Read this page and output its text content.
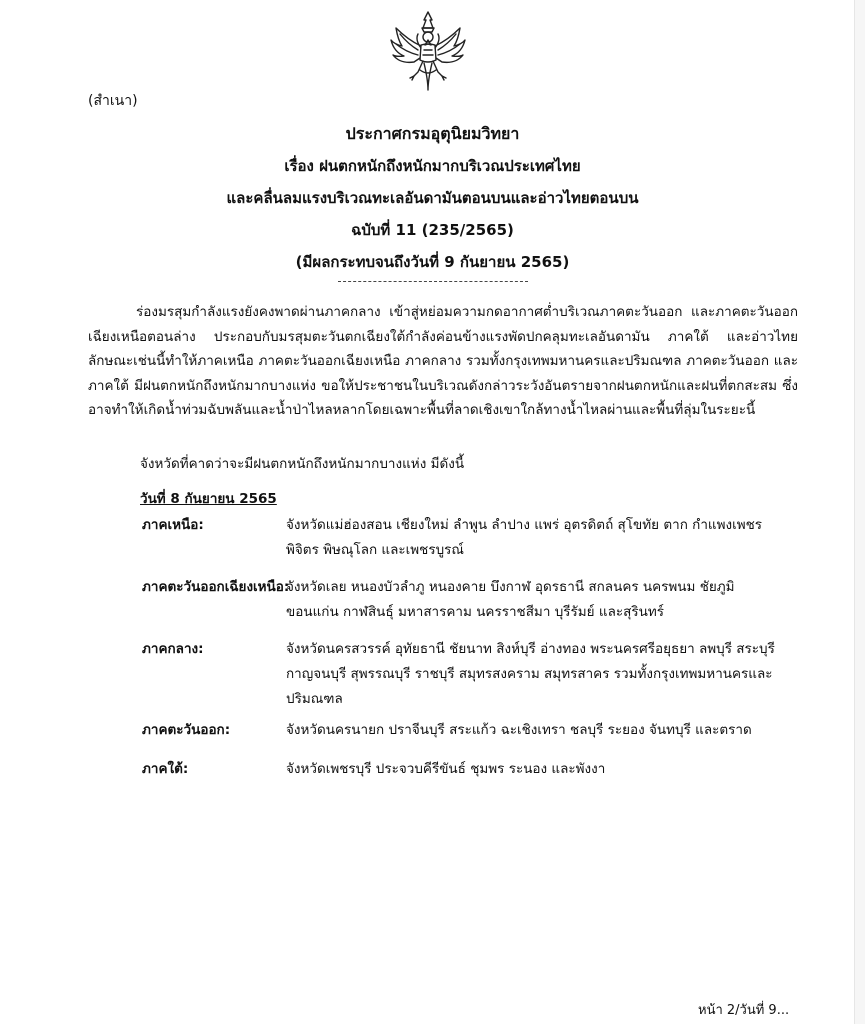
(สำเนา)
ประกาศกรมอุตุนิยมวิทยา
เรื่อง ฝนตกหนักถึงหนักมากบริเวณประเทศไทย
และคลื่นลมแรงบริเวณทะเลอันดามันตอนบนและอ่าวไทยตอนบน
ฉบับที่ 11 (235/2565)
(มีผลกระทบจนถึงวันที่ 9 กันยายน 2565)
ร่องมรสุมกำลังแรงยังคงพาดผ่านภาคกลาง เข้าสู่หย่อมความกดอากาศต่ำบริเวณภาคตะวันออก และภาคตะวันออกเฉียงเหนือตอนล่าง ประกอบกับมรสุมตะวันตกเฉียงใต้กำลังค่อนข้างแรงพัดปกคลุมทะเลอันดามัน ภาคใต้ และอ่าวไทย ลักษณะเช่นนี้ทำให้ภาคเหนือ ภาคตะวันออกเฉียงเหนือ ภาคกลาง รวมทั้งกรุงเทพมหานครและปริมณฑล ภาคตะวันออก และภาคใต้ มีฝนตกหนักถึงหนักมากบางแห่ง ขอให้ประชาชนในบริเวณดังกล่าวระวังอันตรายจากฝนตกหนักและฝนที่ตกสะสม ซึ่งอาจทำให้เกิดน้ำท่วมฉับพลันและน้ำป่าไหลหลากโดยเฉพาะพื้นที่ลาดเชิงเขาใกล้ทางน้ำไหลผ่านและพื้นที่ลุ่มในระยะนี้
จังหวัดที่คาดว่าจะมีฝนตกหนักถึงหนักมากบางแห่ง มีดังนี้
วันที่ 8 กันยายน 2565
ภาคเหนือ:	จังหวัดแม่ฮ่องสอน เชียงใหม่ ลำพูน ลำปาง แพร่ อุตรดิตถ์ สุโขทัย ตาก กำแพงเพชร พิจิตร พิษณุโลก และเพชรบูรณ์
ภาคตะวันออกเฉียงเหนือ:
จังหวัดเลย หนองบัวลำภู หนองคาย บึงกาฬ อุดรธานี สกลนคร นครพนม ชัยภูมิ ขอนแก่น กาฬสินธุ์ มหาสารคาม นครราชสีมา บุรีรัมย์ และสุรินทร์
ภาคกลาง:	จังหวัดนครสวรรค์ อุทัยธานี ชัยนาท สิงห์บุรี อ่างทอง พระนครศรีอยุธยา ลพบุรี สระบุรี กาญจนบุรี สุพรรณบุรี ราชบุรี สมุทรสงคราม สมุทรสาคร รวมทั้งกรุงเทพมหานครและปริมณฑล
ภาคตะวันออก:	จังหวัดนครนายก ปราจีนบุรี สระแก้ว ฉะเชิงเทรา ชลบุรี ระยอง จันทบุรี และตราด
ภาคใต้:	จังหวัดเพชรบุรี ประจวบคีรีขันธ์ ชุมพร ระนอง และพังงา
หน้า 2/วันที่ 9...
